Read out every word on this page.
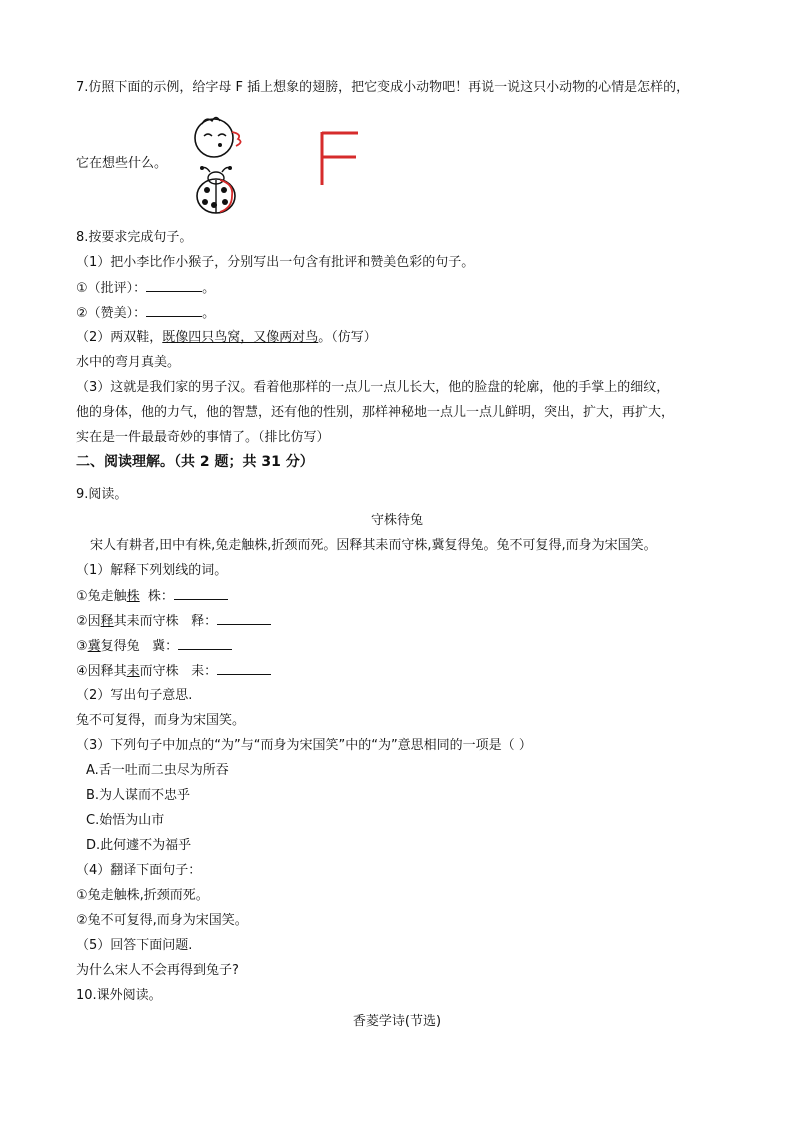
7.仿照下面的示例，给字母 F 插上想象的翅膀，把它变成小动物吧！再说一说这只小动物的心情是怎样的，
它在想些什么。
8.按要求完成句子。
（1）把小李比作小猴子，分别写出一句含有批评和赞美色彩的句子。
①（批评）：	。
②（赞美）：	。
（2）两双鞋，既像四只鸟窝，又像两对鸟。（仿写）
水中的弯月真美。
（3）这就是我们家的男子汉。看着他那样的一点儿一点儿长大，他的脸盘的轮廓，他的手掌上的细纹，
他的身体，他的力气，他的智慧，还有他的性别，那样神秘地一点儿一点儿鲜明，突出，扩大，再扩大，
实在是一件最最奇妙的事情了。（排比仿写）
二、阅读理解。（共 2 题；共 31 分）
9.阅读。
守株待兔
宋人有耕者,田中有株,兔走触株,折颈而死。因释其耒而守株,冀复得兔。兔不可复得,而身为宋国笑。
（1）解释下列划线的词。
①兔走触株  株：
②因释其耒而守株   释：
③冀复得兔   冀：
④因释其耒而守株   耒：
（2）写出句子意思.
兔不可复得，而身为宋国笑。
（3）下列句子中加点的“为”与“而身为宋国笑”中的“为”意思相同的一项是（ ）
A.舌一吐而二虫尽为所吞
B.为人谋而不忠乎
C.始悟为山市
D.此何遽不为福乎
（4）翻译下面句子：
①兔走触株,折颈而死。
②兔不可复得,而身为宋国笑。
（5）回答下面问题.
为什么宋人不会再得到兔子?
10.课外阅读。
香菱学诗(节选)
